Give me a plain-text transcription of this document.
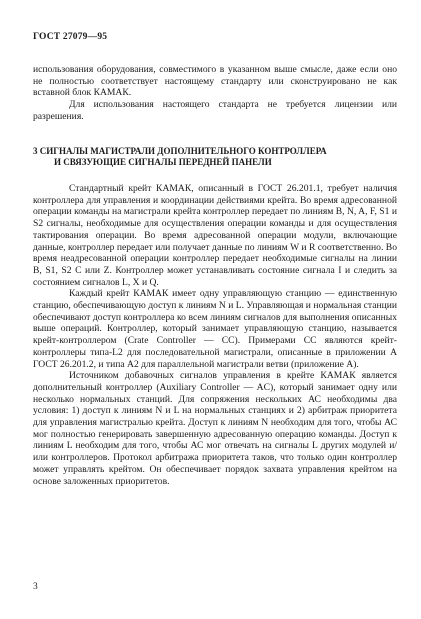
ГОСТ 27079—95

использования оборудования, совместимого в указанном выше смысле, даже если оно не полностью соответствует настоящему стандарту или сконструировано не как вставной блок КАМАК.

Для использования настоящего стандарта не требуется лицензии или разрешения.

3 СИГНАЛЫ МАГИСТРАЛИ ДОПОЛНИТЕЛЬНОГО КОНТРОЛЛЕРА
И СВЯЗУЮЩИЕ СИГНАЛЫ ПЕРЕДНЕЙ ПАНЕЛИ

Стандартный крейт КАМАК, описанный в ГОСТ 26.201.1, требует наличия контроллера для управления и координации действиями крейта. Во время адресованной операции команды на магистрали крейта контроллер передает по линиям В, N, A, F, S1 и S2 сигналы, необходимые для осуществления операции команды и для осуществления тактирования операции. Во время адресованной операции модули, включающие данные, контроллер передает или получает данные по линиям W и R соответственно. Во время неадресованной операции контроллер передает необходимые сигналы на линии В, S1, S2 С или Z. Контроллер может устанавливать состояние сигнала I и следить за состоянием сигналов L, X и Q.

Каждый крейт КАМАК имеет одну управляющую станцию — единственную станцию, обеспечивающую доступ к линиям N и L. Управляющая и нормальная станции обеспечивают доступ контроллера ко всем линиям сигналов для выполнения описанных выше операций. Контроллер, который занимает управляющую станцию, называется крейт-контроллером (Crate Controller — CC). Примерами CC являются крейт-контроллеры типа-L2 для последовательной магистрали, описанные в приложении А ГОСТ 26.201.2, и типа А2 для параллельной магистрали ветви (приложение А).

Источником добавочных сигналов управления в крейте КАМАК является дополнительный контроллер (Auxiliary Controller — AC), который занимает одну или несколько нормальных станций. Для сопряжения нескольких АС необходимы два условия: 1) доступ к линиям N и L на нормальных станциях и 2) арбитраж приоритета для управления магистралью крейта. Доступ к линиям N необходим для того, чтобы АС мог полностью генерировать завершенную адресованную операцию команды. Доступ к линиям L необходим для того, чтобы АС мог отвечать на сигналы L других модулей и/или контроллеров. Протокол арбитража приоритета таков, что только один контроллер может управлять крейтом. Он обеспечивает порядок захвата управления крейтом на основе заложенных приоритетов.

3
